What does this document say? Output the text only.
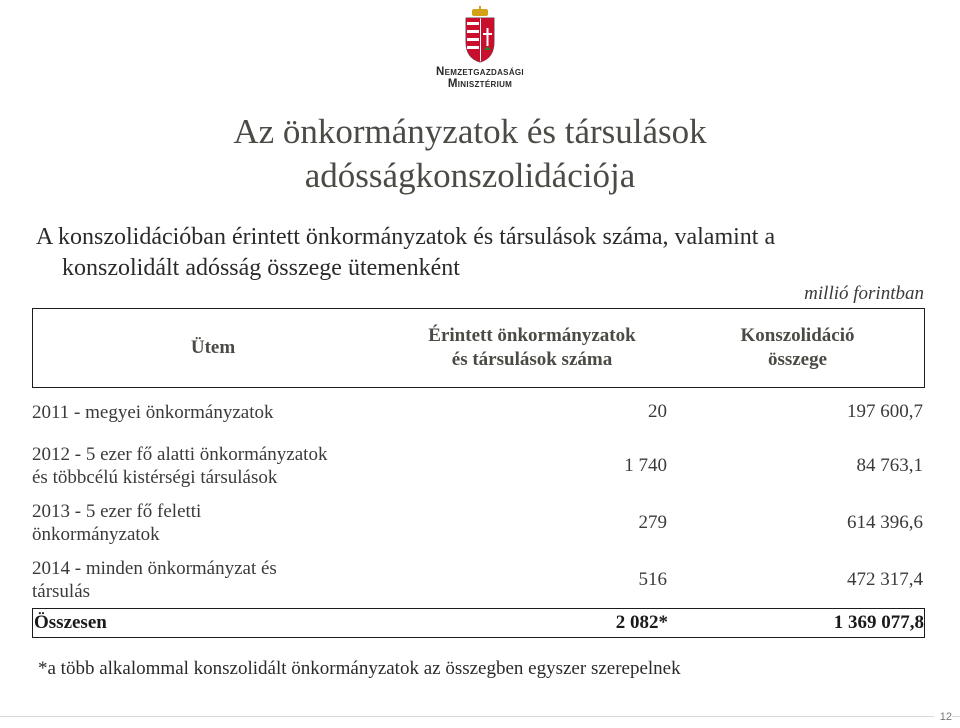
Nemzetgazdasági
Minisztérium
Az önkormányzatok és társulások
adósságkonszolidációja
A konszolidációban érintett önkormányzatok és társulások száma, valamint a
konszolidált adósság összege ütemenként
millió forintban
Ütem
Érintett önkormányzatok
és társulások száma
Konszolidáció
összege
2011 - megyei önkormányzatok	20	197 600,7
2012 - 5 ezer fő alatti önkormányzatok
és többcélú kistérségi társulások
1 740	84 763,1
2013 - 5 ezer fő feletti
önkormányzatok
279	614 396,6
2014 - minden önkormányzat és
társulás
516	472 317,4
Összesen	2 082*	1 369 077,8
*a több alkalommal konszolidált önkormányzatok az összegben egyszer szerepelnek
12
